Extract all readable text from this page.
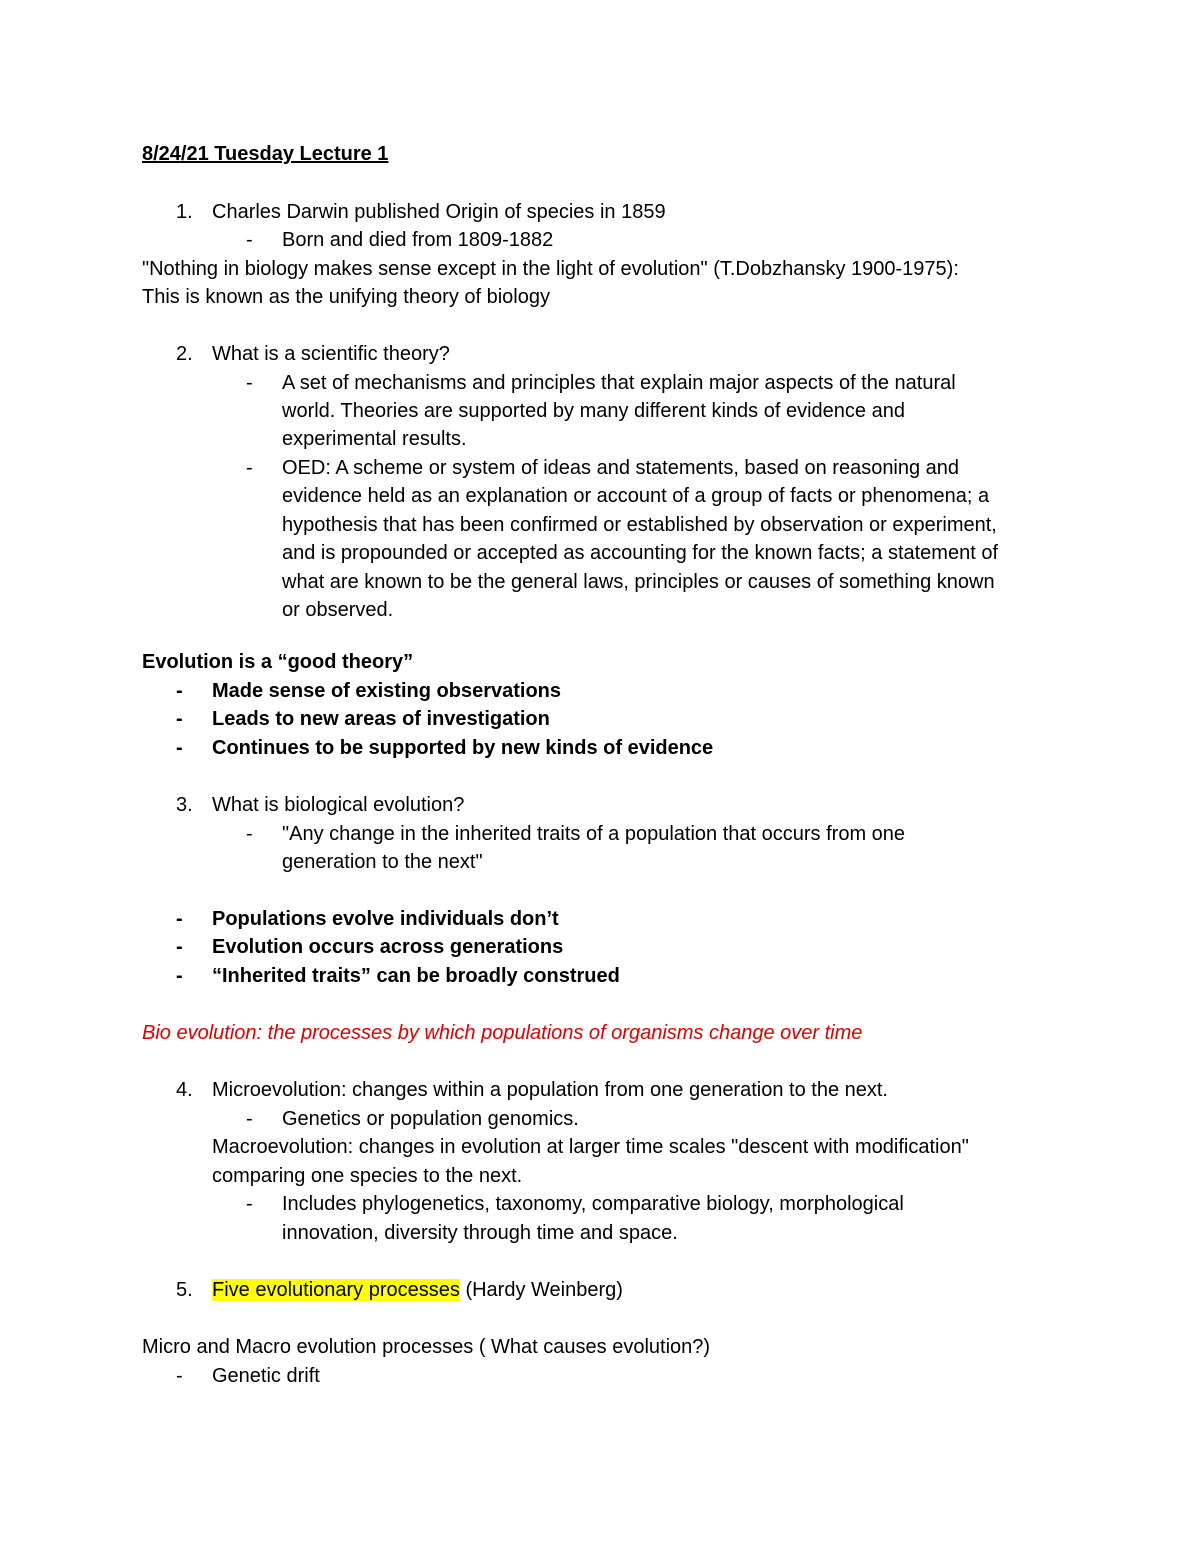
8/24/21 Tuesday Lecture 1
1. Charles Darwin published Origin of species in 1859
- Born and died from 1809-1882
"Nothing in biology makes sense except in the light of evolution" (T.Dobzhansky 1900-1975):
This is known as the unifying theory of biology
2. What is a scientific theory?
- A set of mechanisms and principles that explain major aspects of the natural
world. Theories are supported by many different kinds of evidence and
experimental results.
- OED: A scheme or system of ideas and statements, based on reasoning and
evidence held as an explanation or account of a group of facts or phenomena; a
hypothesis that has been confirmed or established by observation or experiment,
and is propounded or accepted as accounting for the known facts; a statement of
what are known to be the general laws, principles or causes of something known
or observed.
Evolution is a “good theory”
- Made sense of existing observations
- Leads to new areas of investigation
- Continues to be supported by new kinds of evidence
3. What is biological evolution?
- "Any change in the inherited traits of a population that occurs from one
generation to the next"
- Populations evolve individuals don’t
- Evolution occurs across generations
- “Inherited traits” can be broadly construed
Bio evolution: the processes by which populations of organisms change over time
4. Microevolution: changes within a population from one generation to the next.
- Genetics or population genomics.
Macroevolution: changes in evolution at larger time scales "descent with modification"
comparing one species to the next.
- Includes phylogenetics, taxonomy, comparative biology, morphological
innovation, diversity through time and space.
5. Five evolutionary processes (Hardy Weinberg)
Micro and Macro evolution processes ( What causes evolution?)
- Genetic drift
